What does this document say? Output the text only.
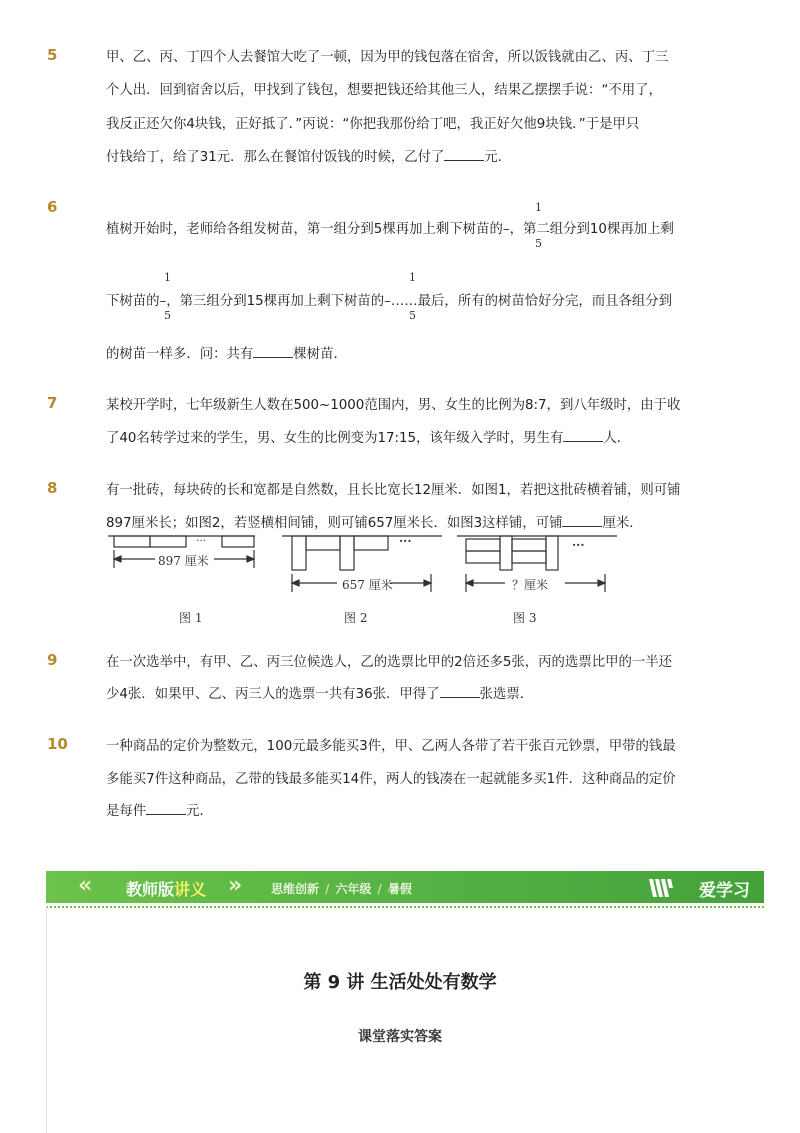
5	甲、乙、丙、丁四个人去餐馆大吃了一顿，因为甲的钱包落在宿舍，所以饭钱就由乙、丙、丁三
个人出．回到宿舍以后，甲找到了钱包，想要把钱还给其他三人，结果乙摆摆手说：“不用了，
我反正还欠你4块钱，正好抵了．”丙说：“你把我那份给丁吧，我正好欠他9块钱．”于是甲只
付钱给丁，给了31元．那么在餐馆付饭钱的时候，乙付了	元．
6	1
植树开始时，老师给各组发树苗，第一组分到5棵再加上剩下树苗的–，第二组分到10棵再加上剩
5
1	1
下树苗的–，第三组分到15棵再加上剩下树苗的–……最后，所有的树苗恰好分完，而且各组分到
5	5
的树苗一样多．问：共有	棵树苗．
7	某校开学时，七年级新生人数在500~1000范围内，男、女生的比例为8:7，到八年级时，由于收
了40名转学过来的学生，男、女生的比例变为17:15，该年级入学时，男生有	人．
8	有一批砖，每块砖的长和宽都是自然数，且长比宽长12厘米．如图1，若把这批砖横着铺，则可铺
897厘米长；如图2，若竖横相间铺，则可铺657厘米长．如图3这样铺，可铺	厘米．
…
897 厘米
···
657 厘米
···
？厘米
图 1	图 2	图 3
9	在一次选举中，有甲、乙、丙三位候选人，乙的选票比甲的2倍还多5张，丙的选票比甲的一半还
少4张．如果甲、乙、丙三人的选票一共有36张．甲得了	张选票．
10	一种商品的定价为整数元，100元最多能买3件，甲、乙两人各带了若干张百元钞票，甲带的钱最
多能买7件这种商品，乙带的钱最多能买14件，两人的钱凑在一起就能多买1件．这种商品的定价
是每件	元．
«	»
教师版讲义	思维创新 / 六年级 / 暑假	爱学习
第 9 讲 生活处处有数学
课堂落实答案
